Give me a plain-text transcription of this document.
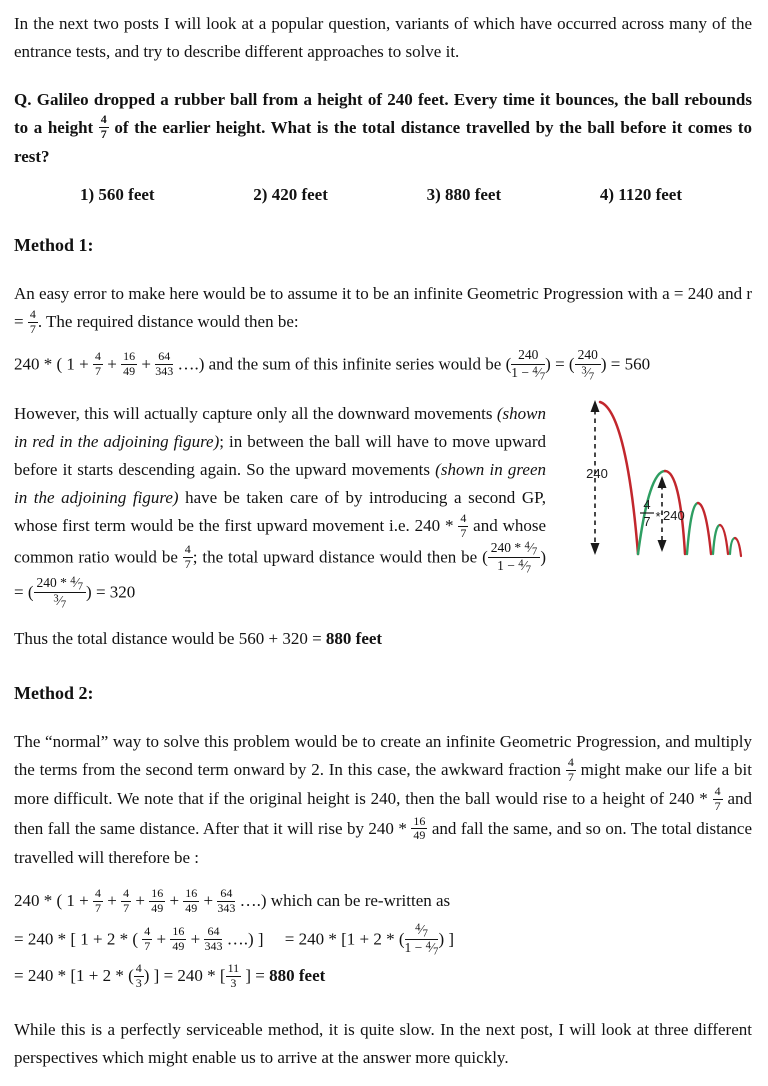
In the next two posts I will look at a popular question, variants of which have occurred across many of the entrance tests, and try to describe different approaches to solve it.

Q. Galileo dropped a rubber ball from a height of 240 feet. Every time it bounces, the ball rebounds to a height $\frac{4}{7}$ of the earlier height. What is the total distance travelled by the ball before it comes to rest?

1) 560 feet	2) 420 feet	3) 880 feet	4) 1120 feet

Method 1:

An easy error to make here would be to assume it to be an infinite Geometric Progression with a = 240 and $r = \frac{4}{7}$ . The required distance would then be:

240 * ( $1 + \frac{4}{7} + \frac{16}{49} + \frac{64}{343}$ ….) and the sum of this infinite series would be ( $\frac{240}{1 - ^4⁄_7}$ ) = ( $\frac{240}{^3⁄_7}$ ) = 560

240
4
7 * 240

However, this will actually capture only all the downward movements (shown in red in the adjoining figure); in between the ball will have to move upward before it starts descending again. So the upward movements (shown in green in the adjoining figure) have be taken care of by introducing a second GP, whose first term would be the first upward movement i.e. $240 * \frac{4}{7}$ and whose common ratio would be $\frac{4}{7}$ ; the total upward distance would then be ( $\frac{240 * ^4⁄_7}{1 - ^4⁄_7}$ ) = ( $\frac{240 * ^4⁄_7}{^3⁄_7}$ ) = 320

Thus the total distance would be 560 + 320 = 880 feet

Method 2:

The “normal” way to solve this problem would be to create an infinite Geometric Progression, and multiply the terms from the second term onward by 2. In this case, the awkward fraction $\frac{4}{7}$ might make our life a bit more difficult. We note that if the original height is 240, then the ball would rise to a height of $240 * \frac{4}{7}$ and then fall the same distance. After that it will rise by $240 * \frac{16}{49}$ and fall the same, and so on. The total distance travelled will therefore be :

240 * ( $1 + \frac{4}{7} + \frac{4}{7} + \frac{16}{49} + \frac{16}{49} + \frac{64}{343}$ ….) which can be re-written as

= 240 * [ 1 + 2 * ( $\frac{4}{7} + \frac{16}{49} + \frac{64}{343}$ ….) ]  = 240 * [1 + 2 * ( $\frac{^4⁄_7}{1 - ^4⁄_7}$ ) ]

= 240 * [1 + 2 * ( $\frac{4}{3}$ ) ] = 240 * [ $\frac{11}{3}$ ] = 880 feet

While this is a perfectly serviceable method, it is quite slow. In the next post, I will look at three different perspectives which might enable us to arrive at the answer more quickly.
